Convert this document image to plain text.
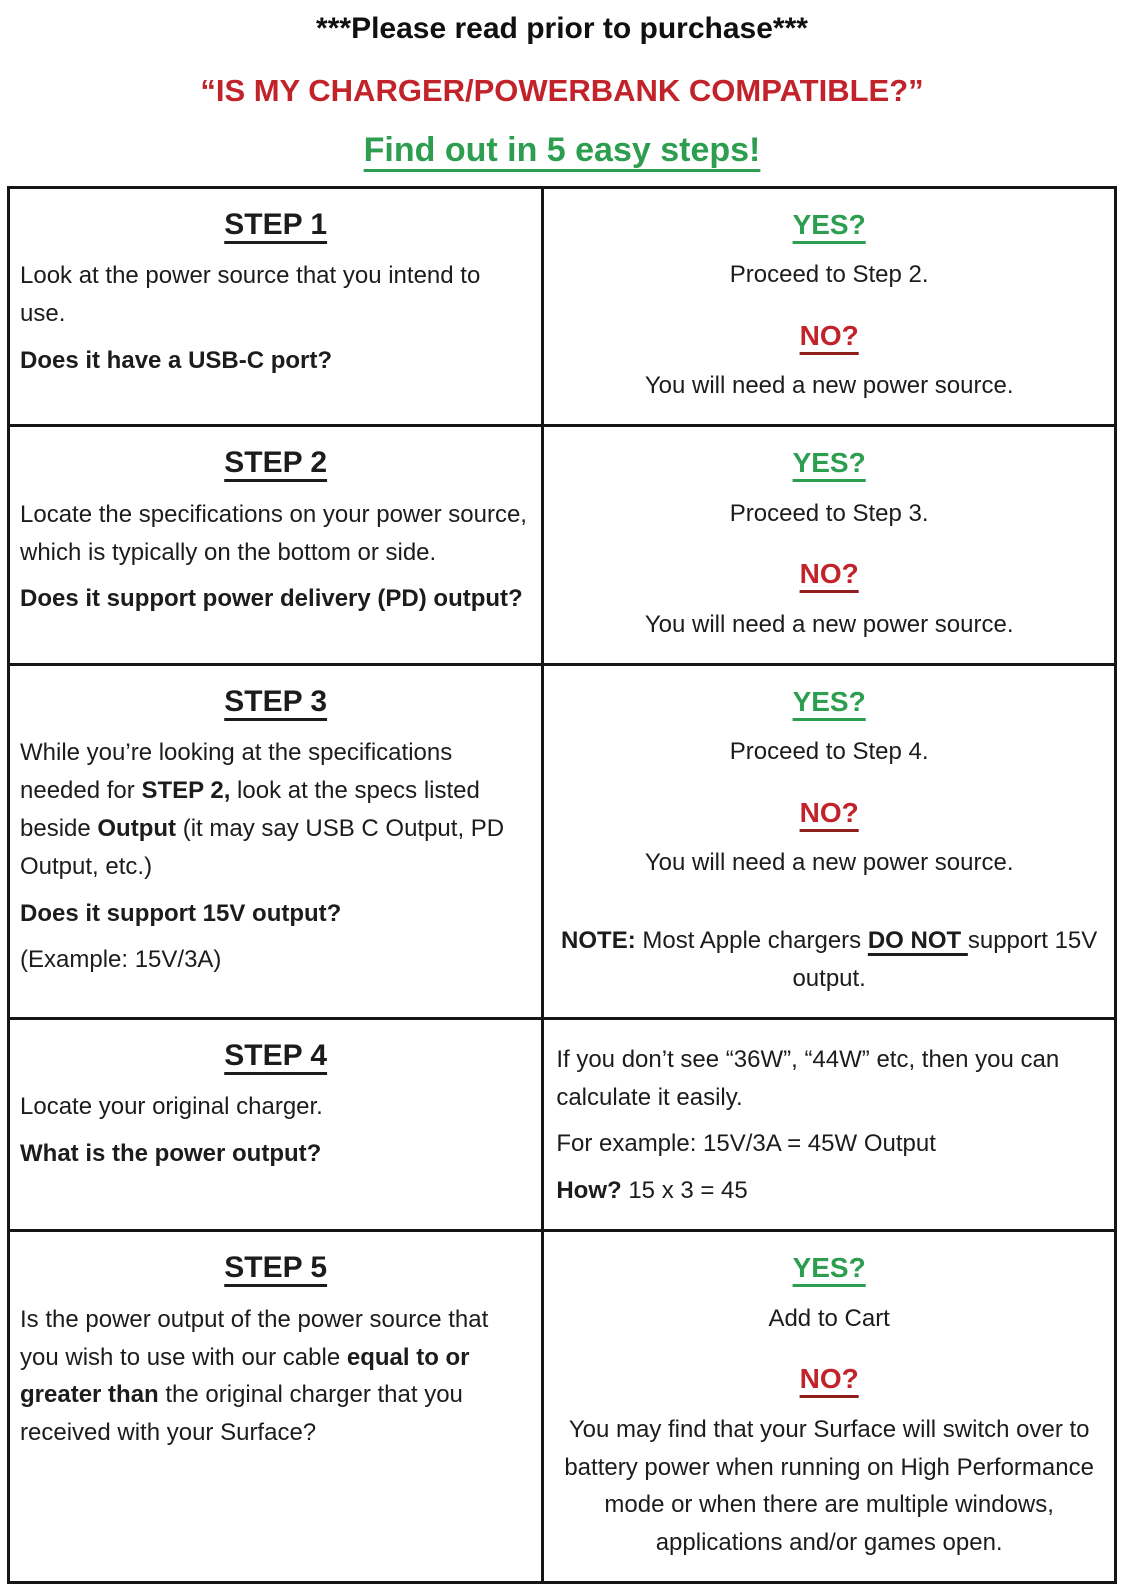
***Please read prior to purchase***
“IS MY CHARGER/POWERBANK COMPATIBLE?”
Find out in 5 easy steps!
STEP 1

Look at the power source that you intend to use.

Does it have a USB-C port?

YES?

Proceed to Step 2.

NO?

You will need a new power source.

STEP 2

Locate the specifications on your power source, which is typically on the bottom or side.

Does it support power delivery (PD) output?

YES?

Proceed to Step 3.

NO?

You will need a new power source.

STEP 3

While you’re looking at the specifications needed for STEP 2, look at the specs listed beside Output (it may say USB C Output, PD Output, etc.)

Does it support 15V output?

(Example: 15V/3A)

YES?

Proceed to Step 4.

NO?

You will need a new power source.

NOTE: Most Apple chargers DO NOT support 15V output.

STEP 4

Locate your original charger.

What is the power output?

If you don’t see “36W”, “44W” etc, then you can calculate it easily.

For example: 15V/3A = 45W Output

How? 15 x 3 = 45

STEP 5

Is the power output of the power source that you wish to use with our cable equal to or greater than the original charger that you received with your Surface?

YES?

Add to Cart

NO?

You may find that your Surface will switch over to battery power when running on High Performance mode or when there are multiple windows, applications and/or games open.
